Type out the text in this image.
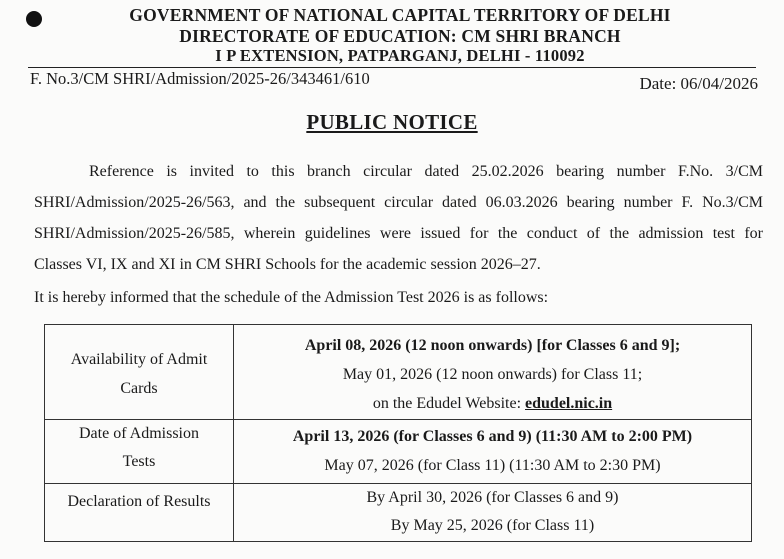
GOVERNMENT OF NATIONAL CAPITAL TERRITORY OF DELHI
DIRECTORATE OF EDUCATION: CM SHRI BRANCH
I P EXTENSION, PATPARGANJ, DELHI - 110092
F. No.3/CM SHRI/Admission/2025-26/343461/610	Date: 06/04/2026
PUBLIC NOTICE
Reference is invited to this branch circular dated 25.02.2026 bearing number F.No. 3/CM
SHRI/Admission/2025-26/563, and the subsequent circular dated 06.03.2026 bearing number F. No.3/CM
SHRI/Admission/2025-26/585, wherein guidelines were issued for the conduct of the admission test for
Classes VI, IX and XI in CM SHRI Schools for the academic session 2026–27.
It is hereby informed that the schedule of the Admission Test 2026 is as follows:
Availability of Admit
Cards	April 08, 2026 (12 noon onwards) [for Classes 6 and 9];
May 01, 2026 (12 noon onwards) for Class 11;
on the Edudel Website: edudel.nic.in

Date of Admission
Tests	April 13, 2026 (for Classes 6 and 9) (11:30 AM to 2:00 PM)
May 07, 2026 (for Class 11) (11:30 AM to 2:30 PM)

Declaration of Results	By April 30, 2026 (for Classes 6 and 9)
By May 25, 2026 (for Class 11)
